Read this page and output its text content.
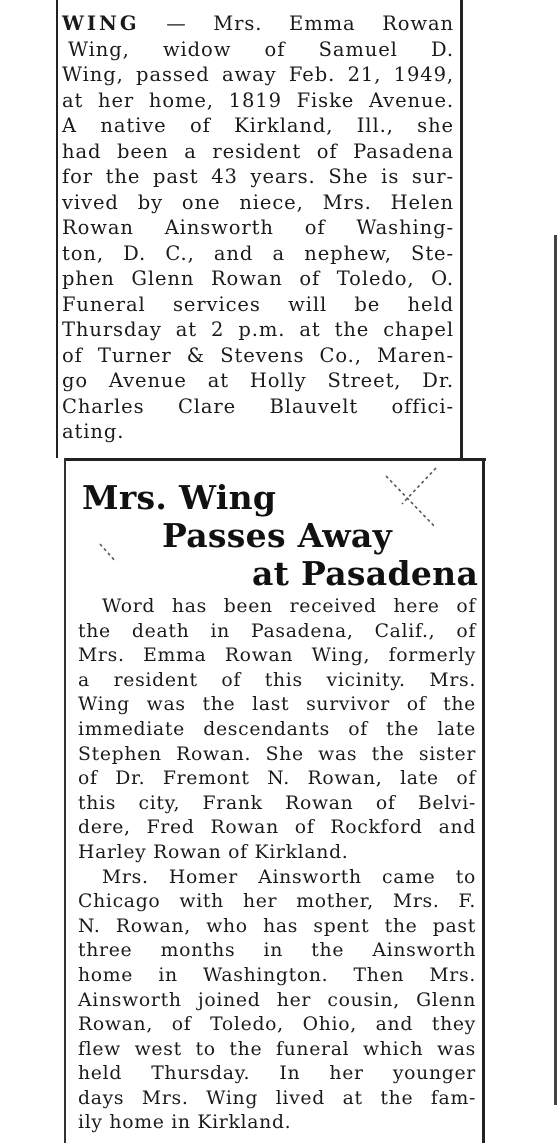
WING — Mrs. Emma Rowan
Wing, widow of Samuel D.
Wing, passed away Feb. 21, 1949,
at her home, 1819 Fiske Avenue.
A native of Kirkland, Ill., she
had been a resident of Pasadena
for the past 43 years. She is sur-
vived by one niece, Mrs. Helen
Rowan Ainsworth of Washing-
ton, D. C., and a nephew, Ste-
phen Glenn Rowan of Toledo, O.
Funeral services will be held
Thursday at 2 p.m. at the chapel
of Turner & Stevens Co., Maren-
go Avenue at Holly Street, Dr.
Charles Clare Blauvelt offici-
ating.
Mrs. Wing
Passes Away
at Pasadena
Word has been received here of
the death in Pasadena, Calif., of
Mrs. Emma Rowan Wing, formerly
a resident of this vicinity. Mrs.
Wing was the last survivor of the
immediate descendants of the late
Stephen Rowan. She was the sister
of Dr. Fremont N. Rowan, late of
this city, Frank Rowan of Belvi-
dere, Fred Rowan of Rockford and
Harley Rowan of Kirkland.
Mrs. Homer Ainsworth came to
Chicago with her mother, Mrs. F.
N. Rowan, who has spent the past
three months in the Ainsworth
home in Washington. Then Mrs.
Ainsworth joined her cousin, Glenn
Rowan, of Toledo, Ohio, and they
flew west to the funeral which was
held Thursday. In her younger
days Mrs. Wing lived at the fam-
ily home in Kirkland.
